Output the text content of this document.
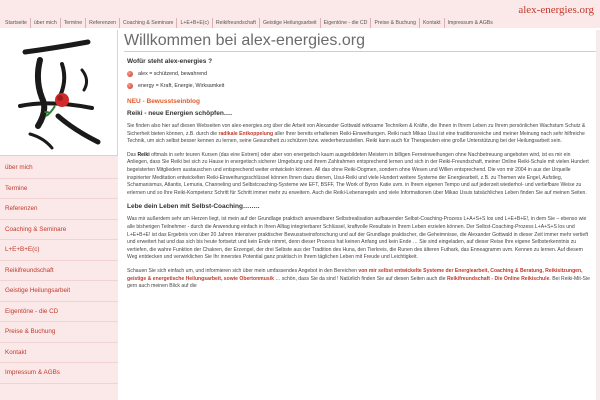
Startseite	über mich	Termine	Referenzen	Coaching & Seminare	L+E+B+E(c)	Reikifreundschaft	Geistige Heilungsarbeit	Eigentöne - die CD	Preise & Buchung	Kontakt	Impressum & AGBs
alex-energies.org
über mich
Termine
Referenzen
Coaching & Seminare
L+E+B+E(c)
Reikifreundschaft
Geistige Heilungsarbeit
Eigentöne - die CD
Preise & Buchung
Kontakt
Impressum & AGBs
Willkommen bei alex-energies.org
Wofür steht alex-energies ?
alex = schützend, bewahrend
energy = Kraft, Energie, Wirksamkeit
NEU - Bewusstseinblog
Reiki - neue Energien schöpfen….

Sie finden also hier auf diesen Webseiten von alex-energies.org über die Arbeit von Alexander Gottwald wirksame Techniken & Kräfte, die Ihnen in Ihrem Leben zu Ihrem persönlichen Wachstum Schutz & Sicherheit bieten können, z.B. durch die radikale Entkoppelung aller Ihrer bereits erhaltenen Reiki-Einweihungen. Reiki nach Mikao Usui ist eine traditionsreiche und meiner Meinung nach sehr hilfreiche Technik, um sich selbst besser kennen zu lernen, seine Gesundheit zu schützen bzw. wiederherzustellen. Reiki kann auch für Therapeuten eine große Unterstützung bei der Heilungsarbeit sein.

Das Reiki oftmals in sehr teuren Kursen (das eine Extrem) oder aber von energetisch kaum ausgebildeten Meistern in billigen Ferneinweihungen ohne Nachbetreuung angeboten wird, ist es mir ein Anliegen, dass Sie Reiki bei sich zu Hause in energetisch sicherer Umgebung und ihrem Zahlrahmen entsprechend lernen und sich in der Reiki-Freundschaft, meiner Online Reiki-Schule mit vielen Hundert begeisterten Mitgliedern austauschen und entsprechend weiter entwickeln können. All das ohne Reiki-Dogmen, sondern ohne Wesen und Willen entsprechend. Die von mir 2004 in aus der Urquelle inspirierter Meditation entwickelten Reiki-Einweihungsschlüssel können Ihnen dazu dienen, Usui-Reiki und viele Hundert weitere Systeme der Energiearbeit, z.B. zu Themen wie Engel, Aufstieg, Schamanismus, Atlantis, Lemuria, Channeling und Selbstcoaching-Systeme wie EFT, BSFF, The Work of Byron Katie uvm. in Ihrem eigenen Tempo und auf jederzeit wiederhol- und vertiefbare Weise zu erlernen und so Ihre Reiki-Kompetenz Schritt für Schritt immer mehr zu erweitern. Auch die Reiki-Lebensregeln und viele Informationen über Mikao Usuis tatsächliches Leben finden Sie auf meinen Seiten.

Lebe dein Leben mit Selbst-Coaching……..

Was mir außerdem sehr am Herzen liegt, ist mein auf der Grundlage praktisch anwendbarer Selbstrealisation aufbauender Selbst-Coaching-Prozess L+A+S+S los und L+E+B+E!, in dem Sie – ebenso wie alle bisherigen Teilnehmer - durch die Anwendung einfach in Ihren Alltag integrierbarer Schlüssel, kraftvolle Resultate in Ihrem Leben erzielen können. Der Selbst-Coaching-Prozess L+A+S+S los und L+E+B+E! ist das Ergebnis von über 20 Jahren intensiver praktischer Bewusstseinsforschung und auf der Grundlage praktischer, die Geheimnisse, die Alexander Gottwald in dieser Zeit immer mehr vertieft und erweitert hat und das sich bis heute fortsetzt und kein Ende nimmt, denn dieser Prozess hat keinen Anfang und kein Ende … Sie sind eingeladen, auf dieser Reise Ihre eigene Selbsterkenntnis zu vertiefen, die wahre Funktion der Chakren, der Erzengel, der drei Selbste aus der Tradition des Huna, den Tierkreis, die Runen des älteren Futhark, das Enneagramm uvm. Kennen zu lernen. Auf diesem Weg entdecken und verwirklichen Sie Ihr innerstes Potential ganz praktisch in Ihrem täglichen Leben mit Freude und Leichtigkeit.

Schauen Sie sich einfach um, und informieren sich über mein umfassendes Angebot in den Bereichen von mir selbst entwickelte Systeme der Energiearbeit, Coaching & Beratung, Reikisitzungen, geistige & energetische Heilungsarbeit, sowie Obertonmusik … schön, dass Sie da sind ! Natürlich finden Sie auf diesen Seiten auch die Reikifreundschaft - Die Online Reikischule. Bei Reiki-Mit-Sie gern auch meinen Blick auf die
